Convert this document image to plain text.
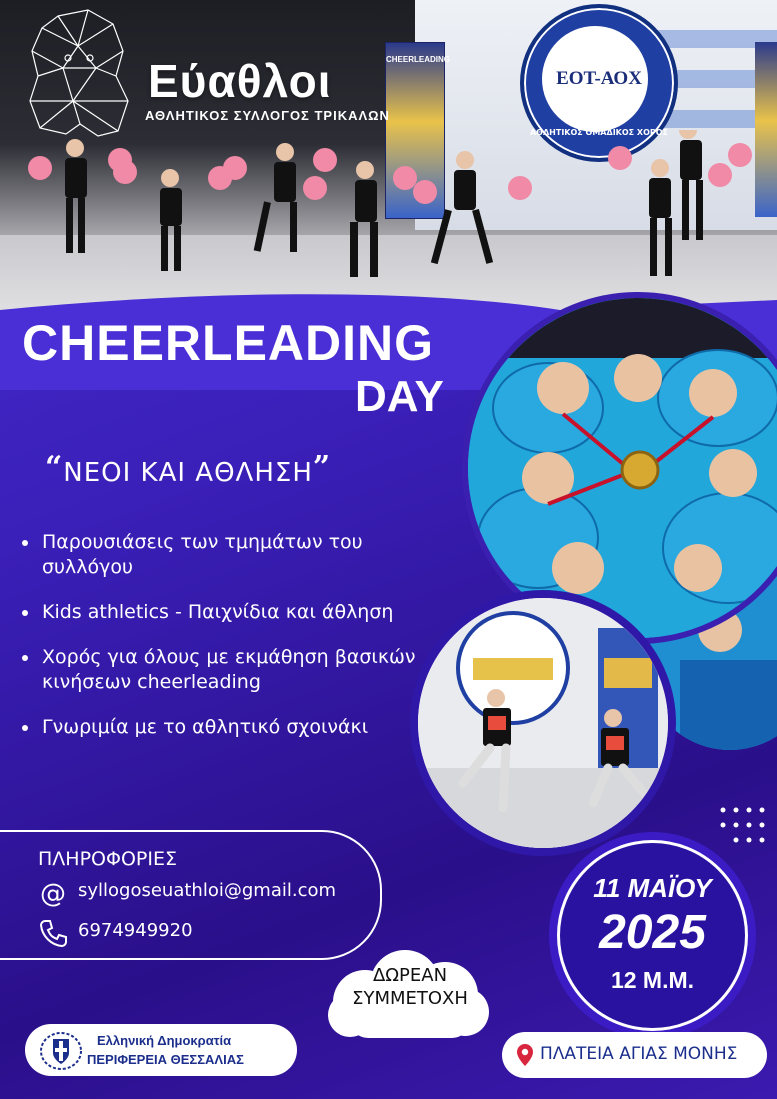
CHEERLEADING
ΕΟΤ-ΑΟΧ
ΑΘΛΗΤΙΚΟΣ ΟΜΑΔΙΚΟΣ ΧΟΡΟΣ
Εύαθλοι
ΑΘΛΗΤΙΚΟΣ ΣΥΛΛΟΓΟΣ ΤΡΙΚΑΛΩΝ
CHEERLEADING
DAY
“ΝΕΟΙ ΚΑΙ ΑΘΛΗΣΗ”
Παρουσιάσεις των τμημάτων του συλλόγου
Kids athletics - Παιχνίδια και άθληση
Χορός για όλους με εκμάθηση βασικών κινήσεων cheerleading
Γνωριμία με το αθλητικό σχοινάκι
ΠΛΗΡΟΦΟΡΙΕΣ
@ syllogoseuathloi@gmail.com
6974949920
11 ΜΑΪΟΥ
2025
12 Μ.Μ.
ΔΩΡΕΑΝ
ΣΥΜΜΕΤΟΧΗ
Ελληνική Δημοκρατία
ΠΕΡΙΦΕΡΕΙΑ ΘΕΣΣΑΛΙΑΣ	ΠΛΑΤΕΙΑ ΑΓΙΑΣ ΜΟΝΗΣ
